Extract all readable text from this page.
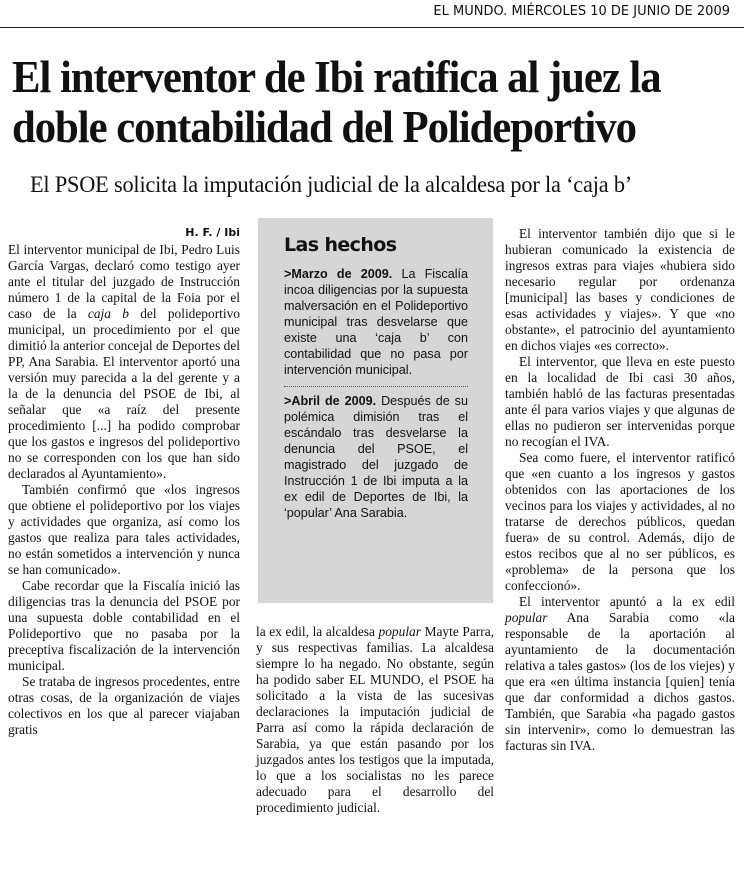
EL MUNDO. MIÉRCOLES 10 DE JUNIO DE 2009
El interventor de Ibi ratifica al juez la doble contabilidad del Polideportivo
El PSOE solicita la imputación judicial de la alcaldesa por la ‘caja b’
H. F. / Ibi

El interventor municipal de Ibi, Pedro Luis García Vargas, declaró como testigo ayer ante el titular del juzgado de Instrucción número 1 de la capital de la Foia por el caso de la caja b del polideportivo municipal, un procedimiento por el que dimitió la anterior concejal de Deportes del PP, Ana Sarabia. El interventor aportó una versión muy parecida a la del gerente y a la de la denuncia del PSOE de Ibi, al señalar que «a raíz del presente procedimiento [...] ha podido comprobar que los gastos e ingresos del polideportivo no se corresponden con los que han sido declarados al Ayuntamiento».

También confirmó que «los ingresos que obtiene el polideportivo por los viajes y actividades que organiza, así como los gastos que realiza para tales actividades, no están sometidos a intervención y nunca se han comunicado».

Cabe recordar que la Fiscalía inició las diligencias tras la denuncia del PSOE por una supuesta doble contabilidad en el Polideportivo que no pasaba por la preceptiva fiscalización de la intervención municipal.

Se trataba de ingresos procedentes, entre otras cosas, de la organización de viajes colectivos en los que al parecer viajaban gratis

Las hechos
>Marzo de 2009. La Fiscalía incoa diligencias por la supuesta malversación en el Polideportivo municipal tras desvelarse que existe una ‘caja b’ con contabilidad que no pasa por intervención municipal.
>Abril de 2009. Después de su polémica dimisión tras el escándalo tras desvelarse la denuncia del PSOE, el magistrado del juzgado de Instrucción 1 de Ibi imputa a la ex edil de Deportes de Ibi, la ‘popular’ Ana Sarabia.

la ex edil, la alcaldesa popular Mayte Parra, y sus respectivas familias. La alcaldesa siempre lo ha negado. No obstante, según ha podido saber EL MUNDO, el PSOE ha solicitado a la vista de las sucesivas declaraciones la imputación judicial de Parra así como la rápida declaración de Sarabia, ya que están pasando por los juzgados antes los testigos que la imputada, lo que a los socialistas no les parece adecuado para el desarrollo del procedimiento judicial.

El interventor también dijo que si le hubieran comunicado la existencia de ingresos extras para viajes «hubiera sido necesario regular por ordenanza [municipal] las bases y condiciones de esas actividades y viajes». Y que «no obstante», el patrocinio del ayuntamiento en dichos viajes «es correcto».

El interventor, que lleva en este puesto en la localidad de Ibi casi 30 años, también habló de las facturas presentadas ante él para varios viajes y que algunas de ellas no pudieron ser intervenidas porque no recogían el IVA.

Sea como fuere, el interventor ratificó que «en cuanto a los ingresos y gastos obtenidos con las aportaciones de los vecinos para los viajes y actividades, al no tratarse de derechos públicos, quedan fuera» de su control. Además, dijo de estos recibos que al no ser públicos, es «problema» de la persona que los confeccionó».

El interventor apuntó a la ex edil popular Ana Sarabia como «la responsable de la aportación al ayuntamiento de la documentación relativa a tales gastos» (los de los viejes) y que era «en última instancia [quien] tenía que dar conformidad a dichos gastos. También, que Sarabia «ha pagado gastos sin intervenir», como lo demuestran las facturas sin IVA.
